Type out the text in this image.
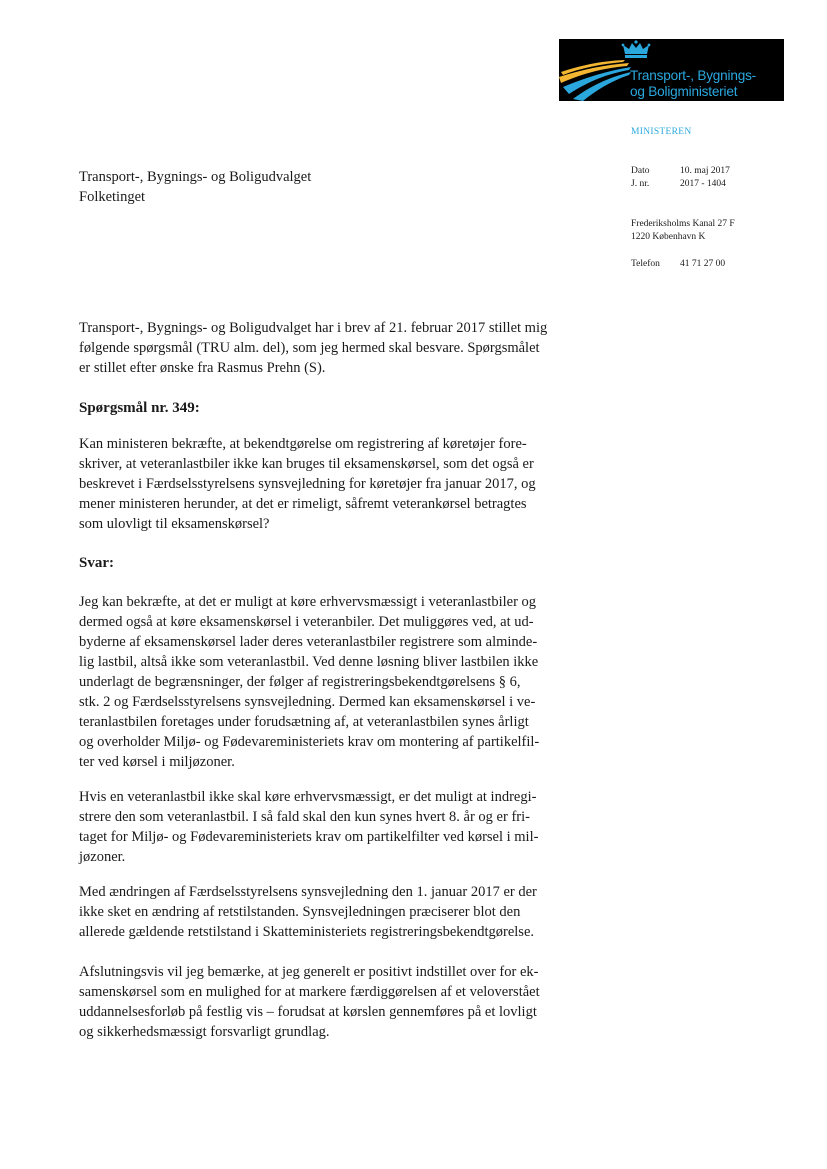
Transport-, Bygnings-
og Boligministeriet
MINISTEREN
Dato	10. maj 2017
J. nr.	2017 - 1404
Frederiksholms Kanal 27 F
1220 København K
Telefon 41 71 27 00
Transport-, Bygnings- og Boligudvalget
Folketinget
Transport-, Bygnings- og Boligudvalget har i brev af 21. februar 2017 stillet mig
følgende spørgsmål (TRU alm. del), som jeg hermed skal besvare. Spørgsmålet
er stillet efter ønske fra Rasmus Prehn (S).
Spørgsmål nr. 349:
Kan ministeren bekræfte, at bekendtgørelse om registrering af køretøjer fore-
skriver, at veteranlastbiler ikke kan bruges til eksamenskørsel, som det også er
beskrevet i Færdselsstyrelsens synsvejledning for køretøjer fra januar 2017, og
mener ministeren herunder, at det er rimeligt, såfremt veterankørsel betragtes
som ulovligt til eksamenskørsel?
Svar:
Jeg kan bekræfte, at det er muligt at køre erhvervsmæssigt i veteranlastbiler og
dermed også at køre eksamenskørsel i veteranbiler. Det muliggøres ved, at ud-
byderne af eksamenskørsel lader deres veteranlastbiler registrere som alminde-
lig lastbil, altså ikke som veteranlastbil. Ved denne løsning bliver lastbilen ikke
underlagt de begrænsninger, der følger af registreringsbekendtgørelsens § 6,
stk. 2 og Færdselsstyrelsens synsvejledning. Dermed kan eksamenskørsel i ve-
teranlastbilen foretages under forudsætning af, at veteranlastbilen synes årligt
og overholder Miljø- og Fødevareministeriets krav om montering af partikelfil-
ter ved kørsel i miljøzoner.
Hvis en veteranlastbil ikke skal køre erhvervsmæssigt, er det muligt at indregi-
strere den som veteranlastbil. I så fald skal den kun synes hvert 8. år og er fri-
taget for Miljø- og Fødevareministeriets krav om partikelfilter ved kørsel i mil-
jøzoner.
Med ændringen af Færdselsstyrelsens synsvejledning den 1. januar 2017 er der
ikke sket en ændring af retstilstanden. Synsvejledningen præciserer blot den
allerede gældende retstilstand i Skatteministeriets registreringsbekendtgørelse.
Afslutningsvis vil jeg bemærke, at jeg generelt er positivt indstillet over for ek-
samenskørsel som en mulighed for at markere færdiggørelsen af et veloverstået
uddannelsesforløb på festlig vis – forudsat at kørslen gennemføres på et lovligt
og sikkerhedsmæssigt forsvarligt grundlag.
